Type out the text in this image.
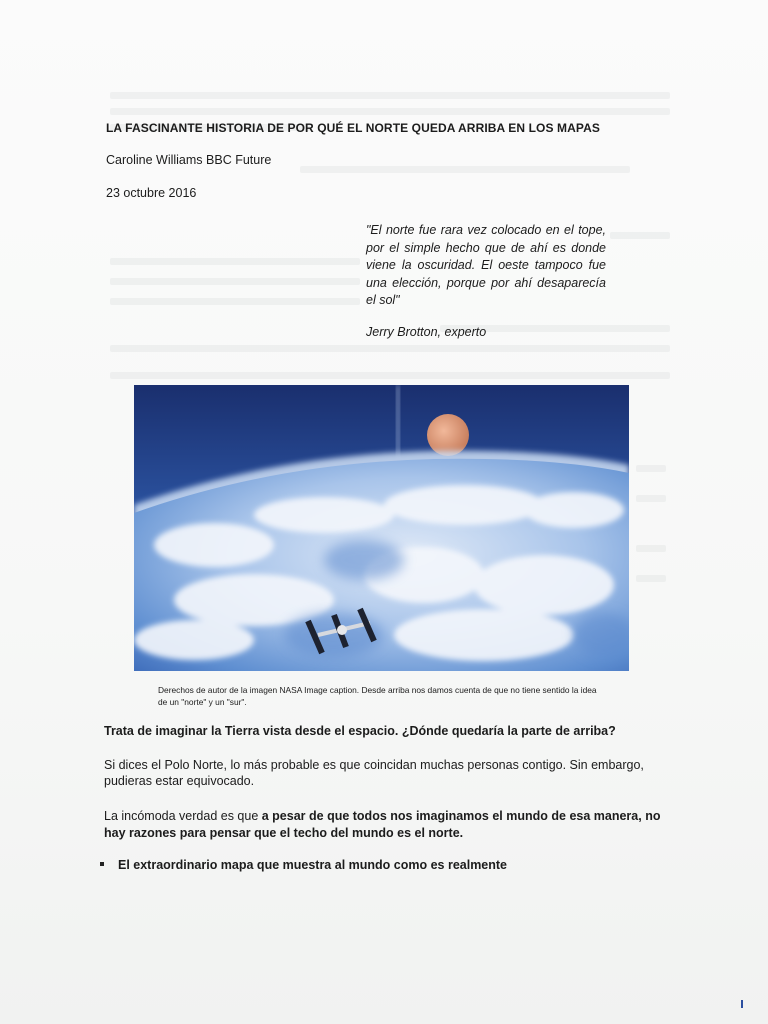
LA FASCINANTE HISTORIA DE POR QUÉ EL NORTE QUEDA ARRIBA EN LOS MAPAS
Caroline Williams BBC Future
23 octubre 2016
"El norte fue rara vez colocado en el tope, por el simple hecho que de ahí es donde viene la oscuridad. El oeste tampoco fue una elección, porque por ahí desaparecía el sol"
Jerry Brotton, experto
Derechos de autor de la imagen NASA Image caption. Desde arriba nos damos cuenta de que no tiene sentido la idea de un "norte" y un "sur".
Trata de imaginar la Tierra vista desde el espacio. ¿Dónde quedaría la parte de arriba?
Si dices el Polo Norte, lo más probable es que coincidan muchas personas contigo. Sin embargo, pudieras estar equivocado.
La incómoda verdad es que a pesar de que todos nos imaginamos el mundo de esa manera, no hay razones para pensar que el techo del mundo es el norte.
El extraordinario mapa que muestra al mundo como es realmente
